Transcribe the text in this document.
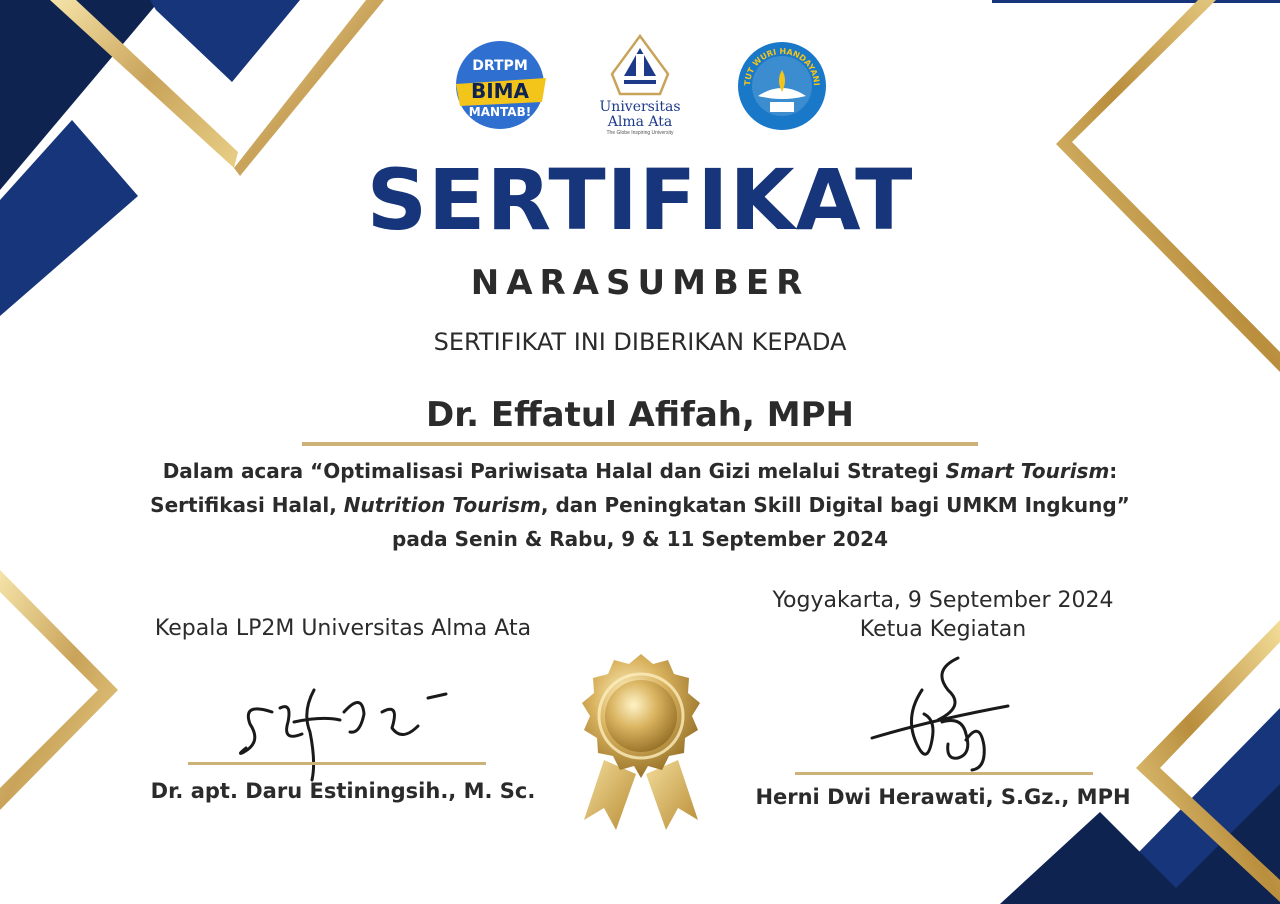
DRTPM
BIMA
MANTAB!	Universitas
Alma Ata
The Globe Inspiring University
TUT WURI HANDAYANI
SERTIFIKAT
NARASUMBER
SERTIFIKAT INI DIBERIKAN KEPADA
Dr. Effatul Afifah, MPH
Dalam acara “Optimalisasi Pariwisata Halal dan Gizi melalui Strategi Smart Tourism:
Sertifikasi Halal, Nutrition Tourism, dan Peningkatan Skill Digital bagi UMKM Ingkung”
pada Senin & Rabu, 9 & 11 September 2024
Kepala LP2M Universitas Alma Ata
Dr. apt. Daru Estiningsih., M. Sc.
Yogyakarta, 9 September 2024
Ketua Kegiatan
Herni Dwi Herawati, S.Gz., MPH
